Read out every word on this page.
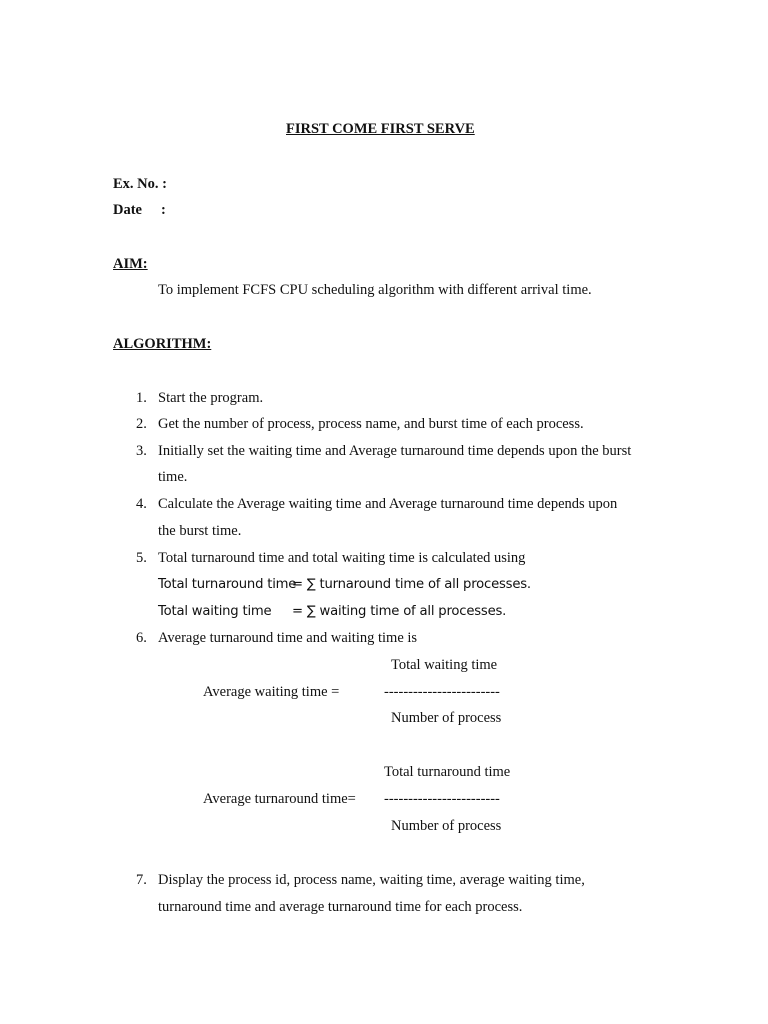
FIRST COME FIRST SERVE
Ex. No. :
Date :
AIM:
To implement FCFS CPU scheduling algorithm with different arrival time.
ALGORITHM:
1. Start the program.
2. Get the number of process, process name, and burst time of each process.
3. Initially set the waiting time and Average turnaround time depends upon the burst
time.
4. Calculate the Average waiting time and Average turnaround time depends upon
the burst time.
5. Total turnaround time and total waiting time is calculated using
Total turnaround time
= ∑ turnaround time of all processes.
Total waiting time = ∑ waiting time of all processes.
6. Average turnaround time and waiting time is
Total waiting time
Average waiting time =	------------------------
Number of process
Total turnaround time
Average turnaround time= ------------------------
Number of process
7. Display the process id, process name, waiting time, average waiting time,
turnaround time and average turnaround time for each process.
